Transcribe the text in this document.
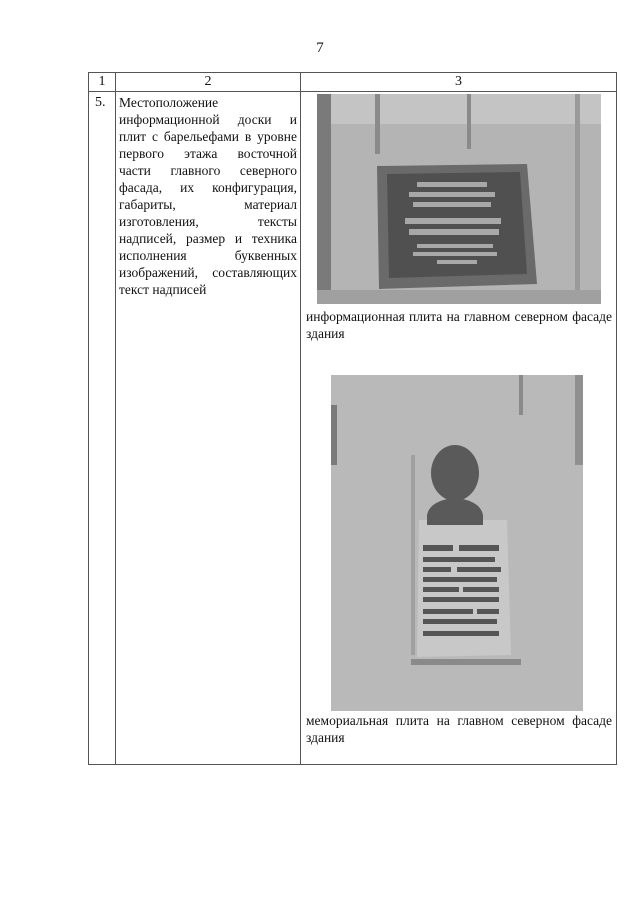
7
1	2	3

5.	Местоположение информационной доски и плит с барельефами в уровне первого этажа восточной части главного северного фасада, их конфигурация, габариты, материал изготовления, тексты надписей, размер и техника исполнения буквенных изображений, составляющих текст надписей	информационная плита на главном северном фасаде здания
мемориальная плита на главном северном фасаде здания
